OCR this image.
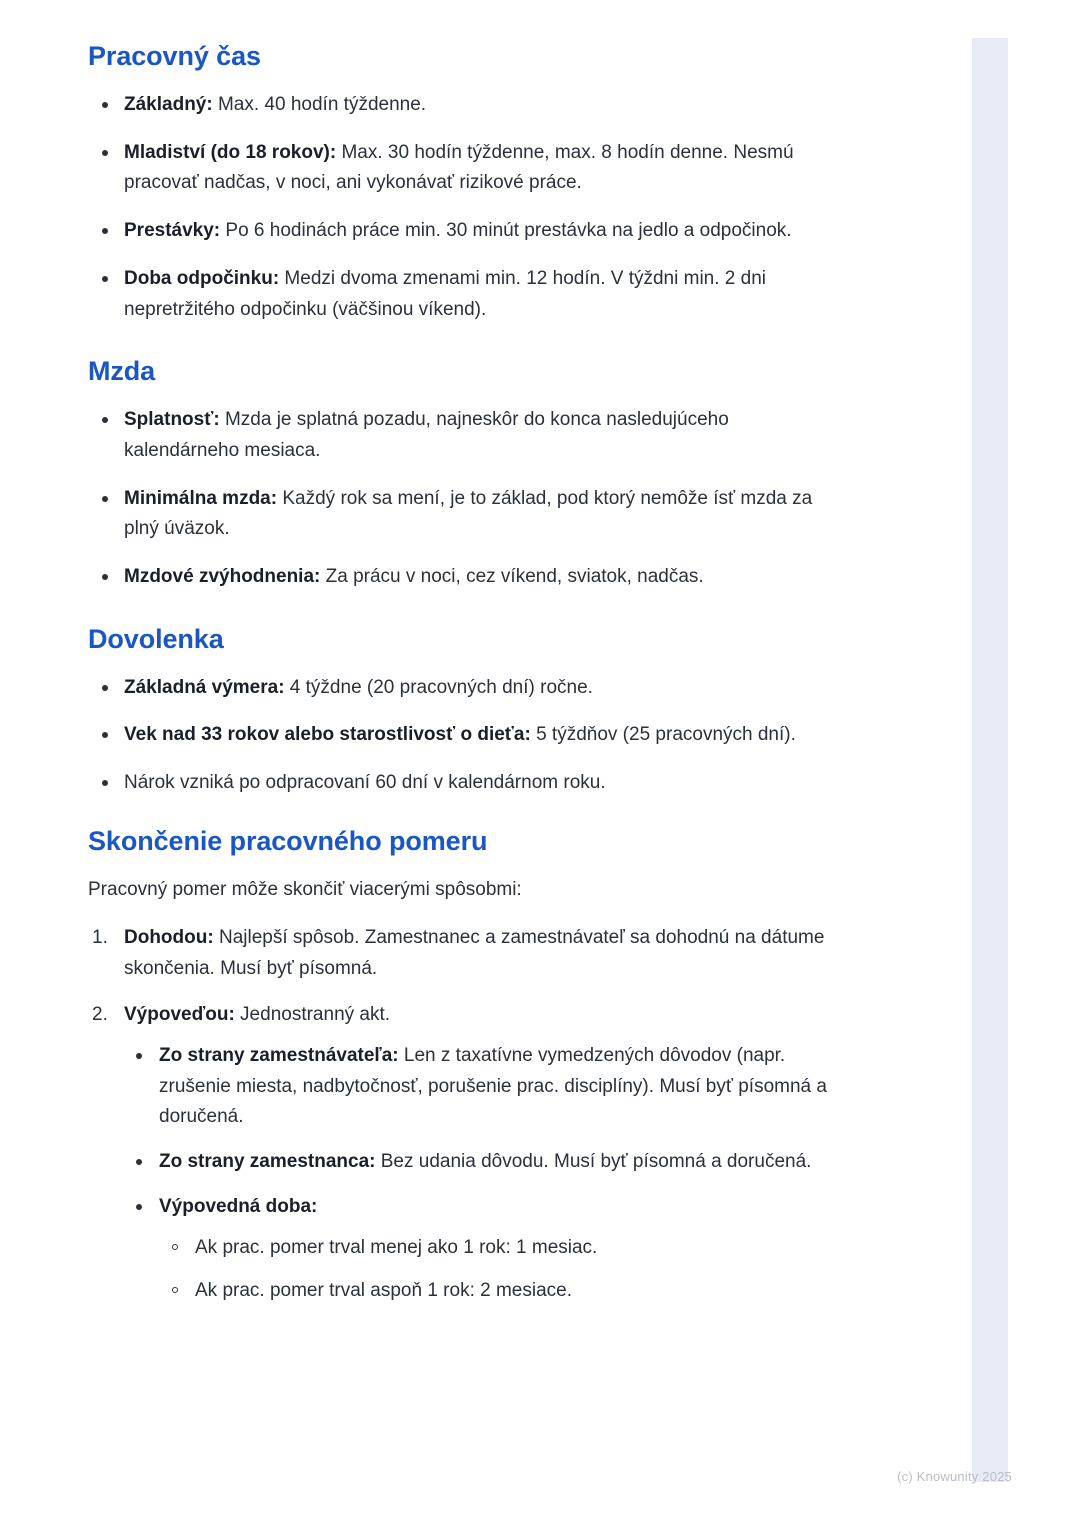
Pracovný čas
Základný: Max. 40 hodín týždenne.
Mladiství (do 18 rokov): Max. 30 hodín týždenne, max. 8 hodín denne. Nesmú pracovať nadčas, v noci, ani vykonávať rizikové práce.
Prestávky: Po 6 hodinách práce min. 30 minút prestávka na jedlo a odpočinok.
Doba odpočinku: Medzi dvoma zmenami min. 12 hodín. V týždni min. 2 dni nepretržitého odpočinku (väčšinou víkend).
Mzda
Splatnosť: Mzda je splatná pozadu, najneskôr do konca nasledujúceho kalendárneho mesiaca.
Minimálna mzda: Každý rok sa mení, je to základ, pod ktorý nemôže ísť mzda za plný úväzok.
Mzdové zvýhodnenia: Za prácu v noci, cez víkend, sviatok, nadčas.
Dovolenka
Základná výmera: 4 týždne (20 pracovných dní) ročne.
Vek nad 33 rokov alebo starostlivosť o dieťa: 5 týždňov (25 pracovných dní).
Nárok vzniká po odpracovaní 60 dní v kalendárnom roku.
Skončenie pracovného pomeru

Pracovný pomer môže skončiť viacerými spôsobmi:

Dohodou: Najlepší spôsob. Zamestnanec a zamestnávateľ sa dohodnú na dátume skončenia. Musí byť písomná.
Výpoveďou: Jednostranný akt.
Zo strany zamestnávateľa: Len z taxatívne vymedzených dôvodov (napr. zrušenie miesta, nadbytočnosť, porušenie prac. disciplíny). Musí byť písomná a doručená.
Zo strany zamestnanca: Bez udania dôvodu. Musí byť písomná a doručená.
Výpovedná doba:
Ak prac. pomer trval menej ako 1 rok: 1 mesiac.
Ak prac. pomer trval aspoň 1 rok: 2 mesiace.
(c) Knowunity 2025
